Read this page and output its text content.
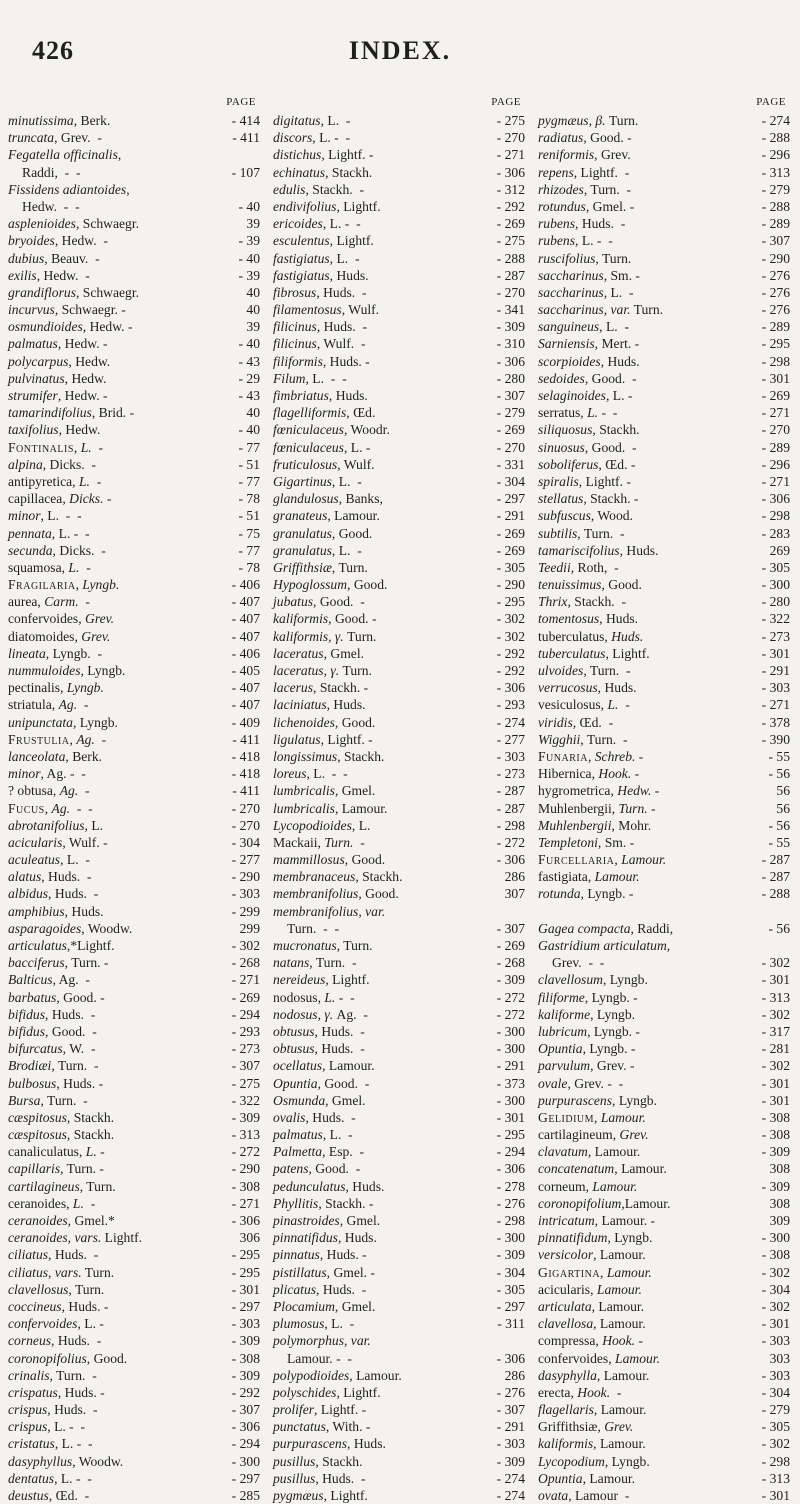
426	INDEX.
PAGE
minutissima, Berk.	- 414
truncata, Grev.  -	- 411
Fegatella officinalis,
Raddi,  -  -	- 107
Fissidens adiantoides,
Hedw.  -  -	- 40
asplenioides, Schwaegr.	39
bryoides, Hedw.  -	- 39
dubius, Beauv.  -	- 40
exilis, Hedw.  -	- 39
grandiflorus, Schwaegr.	40
incurvus, Schwaegr. -	40
osmundioides, Hedw. -	39
palmatus, Hedw. -	- 40
polycarpus, Hedw.	- 43
pulvinatus, Hedw.	- 29
strumifer, Hedw. -	- 43
tamarindifolius, Brid. -	40
taxifolius, Hedw.	- 40
Fontinalis, L.  -	- 77
alpina, Dicks.  -	- 51
antipyretica, L.  -	- 77
capillacea, Dicks. -	- 78
minor, L.  -  -	- 51
pennata, L. -  -	- 75
secunda, Dicks.  -	- 77
squamosa, L.  -	- 78
Fragilaria, Lyngb.	- 406
aurea, Carm.  -	- 407
confervoides, Grev.	- 407
diatomoides, Grev.	- 407
lineata, Lyngb.  -	- 406
nummuloides, Lyngb.	- 405
pectinalis, Lyngb.	- 407
striatula, Ag.  -	- 407
unipunctata, Lyngb.	- 409
Frustulia, Ag.  -	- 411
lanceolata, Berk.	- 418
minor, Ag. -  -	- 418
? obtusa, Ag.  -	- 411
Fucus, Ag.  -  -	- 270
abrotanifolius, L.	- 270
acicularis, Wulf. -	- 304
aculeatus, L.  -	- 277
alatus, Huds.  -	- 290
albidus, Huds.  -	- 303
amphibius, Huds.	- 299
asparagoides, Woodw.	299
articulatus,*Lightf.	- 302
bacciferus, Turn. -	- 268
Balticus, Ag.  -	- 271
barbatus, Good. -	- 269
bifidus, Huds.  -	- 294
bifidus, Good.  -	- 293
bifurcatus, W.  -	- 273
Brodiæi, Turn.  -	- 307
bulbosus, Huds. -	- 275
Bursa, Turn.  -	- 322
cæspitosus, Stackh.	- 309
cæspitosus, Stackh.	- 313
canaliculatus, L. -	- 272
capillaris, Turn. -	- 290
cartilagineus, Turn.	- 308
ceranoides, L.  -	- 271
ceranoides, Gmel.*	- 306
ceranoides, vars. Lightf.	306
ciliatus, Huds.  -	- 295
ciliatus, vars. Turn.	- 295
clavellosus, Turn.	- 301
coccineus, Huds. -	- 297
confervoides, L. -	- 303
corneus, Huds.  -	- 309
coronopifolius, Good.	- 308
crinalis, Turn.  -	- 309
crispatus, Huds. -	- 292
crispus, Huds.  -	- 307
crispus, L. -  -	- 306
cristatus, L. -  -	- 294
dasyphyllus, Woodw.	- 300
dentatus, L. -  -	- 297
deustus, Œd.  -	- 285
PAGE
digitatus, L.  -	- 275
discors, L. -  -	- 270
distichus, Lightf. -	- 271
echinatus, Stackh.	- 306
edulis, Stackh.  -	- 312
endivifolius, Lightf.	- 292
ericoides, L. -  -	- 269
esculentus, Lightf.	- 275
fastigiatus, L.  -	- 288
fastigiatus, Huds.	- 287
fibrosus, Huds.  -	- 270
filamentosus, Wulf.	- 341
filicinus, Huds.  -	- 309
filicinus, Wulf.  -	- 310
filiformis, Huds. -	- 306
Filum, L.  -  -	- 280
fimbriatus, Huds.	- 307
flagelliformis, Œd.	- 279
fœniculaceus, Woodr.	- 269
fœniculaceus, L. -	- 270
fruticulosus, Wulf.	- 331
Gigartinus, L.  -	- 304
glandulosus, Banks,	- 297
granateus, Lamour.	- 291
granulatus, Good.	- 269
granulatus, L.  -	- 269
Griffithsiæ, Turn.	- 305
Hypoglossum, Good.	- 290
jubatus, Good.  -	- 295
kaliformis, Good. -	- 302
kaliformis, γ. Turn.	- 302
laceratus, Gmel.	- 292
laceratus, γ. Turn.	- 292
lacerus, Stackh. -	- 306
laciniatus, Huds.	- 293
lichenoides, Good.	- 274
ligulatus, Lightf. -	- 277
longissimus, Stackh.	- 303
loreus, L.  -  -	- 273
lumbricalis, Gmel.	- 287
lumbricalis, Lamour.	- 287
Lycopodioides, L.	- 298
Mackaii, Turn.  -	- 272
mammillosus, Good.	- 306
membranaceus, Stackh.	286
membranifolius, Good.	307
membranifolius, var.
Turn.  -  -	- 307
mucronatus, Turn.	- 269
natans, Turn.  -	- 268
nereideus, Lightf.	- 309
nodosus, L. -  -	- 272
nodosus, γ. Ag.  -	- 272
obtusus, Huds.  -	- 300
obtusus, Huds.  -	- 300
ocellatus, Lamour.	- 291
Opuntia, Good.  -	- 373
Osmunda, Gmel.	- 300
ovalis, Huds.  -	- 301
palmatus, L.  -	- 295
Palmetta, Esp.  -	- 294
patens, Good.  -	- 306
pedunculatus, Huds.	- 278
Phyllitis, Stackh. -	- 276
pinastroides, Gmel.	- 298
pinnatifidus, Huds.	- 300
pinnatus, Huds. -	- 309
pistillatus, Gmel. -	- 304
plicatus, Huds.  -	- 305
Plocamium, Gmel.	- 297
plumosus, L.  -	- 311
polymorphus, var.
Lamour. -  -	- 306
polypodioides, Lamour.	286
polyschides, Lightf.	- 276
prolifer, Lightf. -	- 307
punctatus, With. -	- 291
purpurascens, Huds.	- 303
pusillus, Stackh.	- 309
pusillus, Huds.  -	- 274
pygmæus, Lightf.	- 274
PAGE
pygmæus, β. Turn.	- 274
radiatus, Good. -	- 288
reniformis, Grev.	- 296
repens, Lightf.  -	- 313
rhizodes, Turn.  -	- 279
rotundus, Gmel. -	- 288
rubens, Huds.  -	- 289
rubens, L. -  -	- 307
ruscifolius, Turn.	- 290
saccharinus, Sm. -	- 276
saccharinus, L.  -	- 276
saccharinus, var. Turn.	- 276
sanguineus, L.  -	- 289
Sarniensis, Mert. -	- 295
scorpioides, Huds.	- 298
sedoides, Good.  -	- 301
selaginoides, L. -	- 269
serratus, L. -  -	- 271
siliquosus, Stackh.	- 270
sinuosus, Good.  -	- 289
soboliferus, Œd. -	- 296
spiralis, Lightf. -	- 271
stellatus, Stackh. -	- 306
subfuscus, Wood.	- 298
subtilis, Turn.  -	- 283
tamariscifolius, Huds.	269
Teedii, Roth,  -	- 305
tenuissimus, Good.	- 300
Thrix, Stackh.  -	- 280
tomentosus, Huds.	- 322
tuberculatus, Huds.	- 273
tuberculatus, Lightf.	- 301
ulvoides, Turn.  -	- 291
verrucosus, Huds.	- 303
vesiculosus, L.  -	- 271
viridis, Œd.  -	- 378
Wigghii, Turn.  -	- 390
Funaria, Schreb. -	- 55
Hibernica, Hook. -	- 56
hygrometrica, Hedw. -	56
Muhlenbergii, Turn. -	56
Muhlenbergii, Mohr.	- 56
Templetoni, Sm. -	- 55
Furcellaria, Lamour.	- 287
fastigiata, Lamour.	- 287
rotunda, Lyngb. -	- 288
Gagea compacta, Raddi,	- 56
Gastridium articulatum,
Grev.  -  -	- 302
clavellosum, Lyngb.	- 301
filiforme, Lyngb. -	- 313
kaliforme, Lyngb.	- 302
lubricum, Lyngb. -	- 317
Opuntia, Lyngb. -	- 281
parvulum, Grev. -	- 302
ovale, Grev. -  -	- 301
purpurascens, Lyngb.	- 301
Gelidium, Lamour.	- 308
cartilagineum, Grev.	- 308
clavatum, Lamour.	- 309
concatenatum, Lamour.	308
corneum, Lamour.	- 309
coronopifolium,Lamour.	308
intricatum, Lamour. -	309
pinnatifidum, Lyngb.	- 300
versicolor, Lamour.	- 308
Gigartina, Lamour.	- 302
acicularis, Lamour.	- 304
articulata, Lamour.	- 302
clavellosa, Lamour.	- 301
compressa, Hook. -	- 303
confervoides, Lamour.	303
dasyphylla, Lamour.	- 303
erecta, Hook.  -	- 304
flagellaris, Lamour.	- 279
Griffithsiæ, Grev.	- 305
kaliformis, Lamour.	- 302
Lycopodium, Lyngb.	- 298
Opuntia, Lamour.	- 313
ovata, Lamour  -	- 301
